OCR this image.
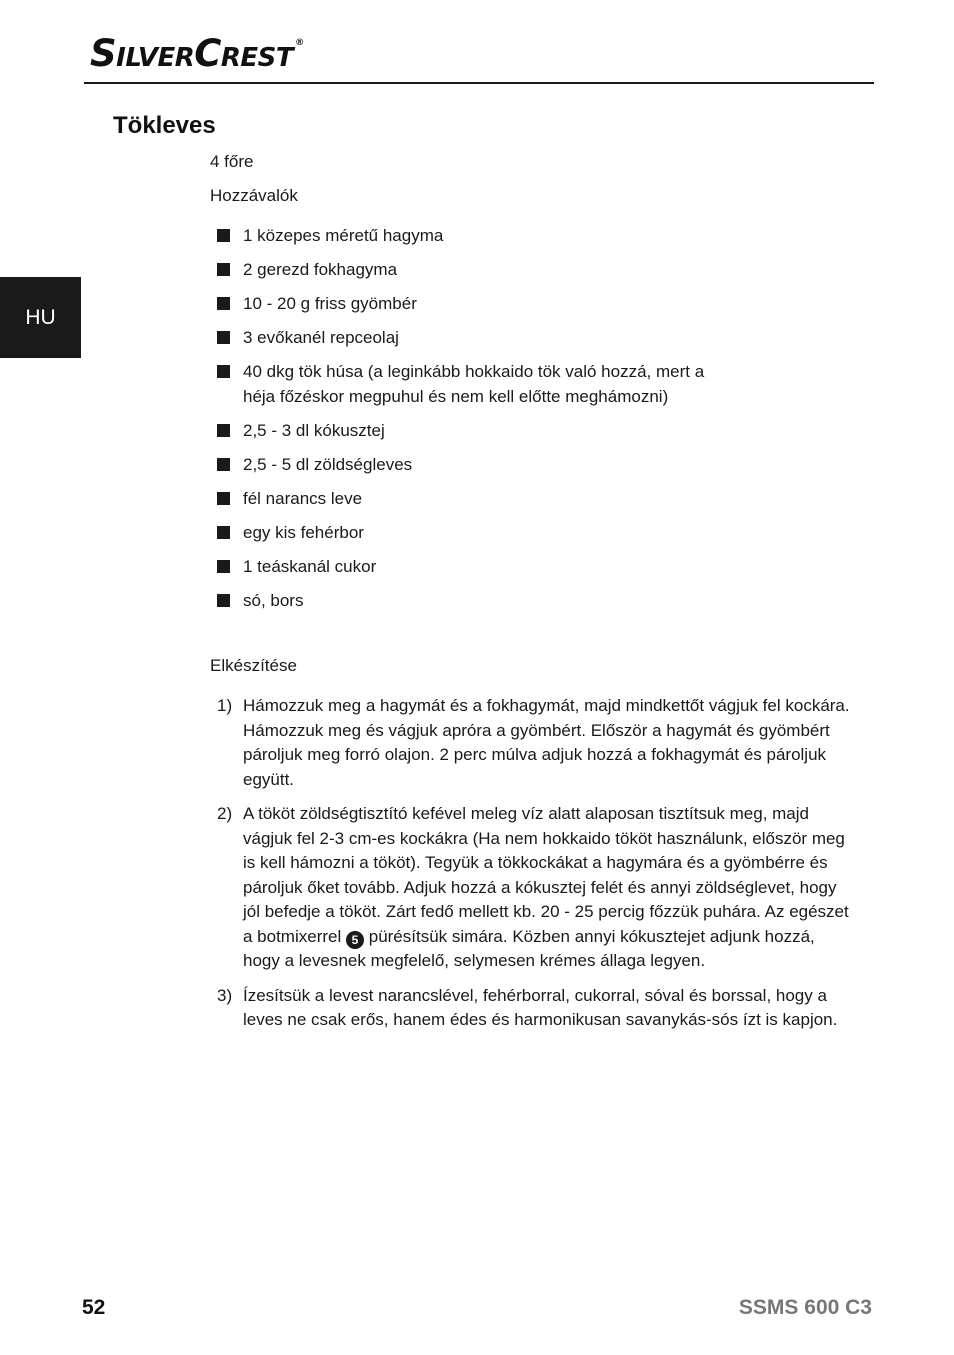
SILVERCREST ®
HU
Tökleves
4 főre
Hozzávalók
1 közepes méretű hagyma
2 gerezd fokhagyma
10 - 20 g friss gyömbér
3 evőkanél repceolaj
40 dkg tök húsa (a leginkább hokkaido tök való hozzá, mert a héja főzéskor megpuhul és nem kell előtte meghámozni)
2,5 - 3 dl kókusztej
2,5 - 5 dl zöldségleves
fél narancs leve
egy kis fehérbor
1 teáskanál cukor
só, bors
Elkészítése
1) Hámozzuk meg a hagymát és a fokhagymát, majd mindkettőt vágjuk fel kockára. Hámozzuk meg és vágjuk apróra a gyömbért. Először a hagymát és gyömbért pároljuk meg forró olajon. 2 perc múlva adjuk hozzá a fokhagymát és pároljuk együtt.
2) A tököt zöldségtisztító kefével meleg víz alatt alaposan tisztítsuk meg, majd vágjuk fel 2-3 cm-es kockákra (Ha nem hokkaido tököt használunk, először meg is kell hámozni a tököt). Tegyük a tökkockákat a hagymára és a gyömbérre és pároljuk őket tovább. Adjuk hozzá a kókusztej felét és annyi zöldséglevet, hogy jól befedje a tököt. Zárt fedő mellett kb. 20 - 25 percig főzzük puhára. Az egészet a botmixerrel 5 pürésítsük simára. Közben annyi kókusztejet adjunk hozzá, hogy a levesnek megfelelő, selymesen krémes állaga legyen.
3) Ízesítsük a levest narancslével, fehérborral, cukorral, sóval és borssal, hogy a leves ne csak erős, hanem édes és harmonikusan savanykás-sós ízt is kapjon.
52	SSMS 600 C3
